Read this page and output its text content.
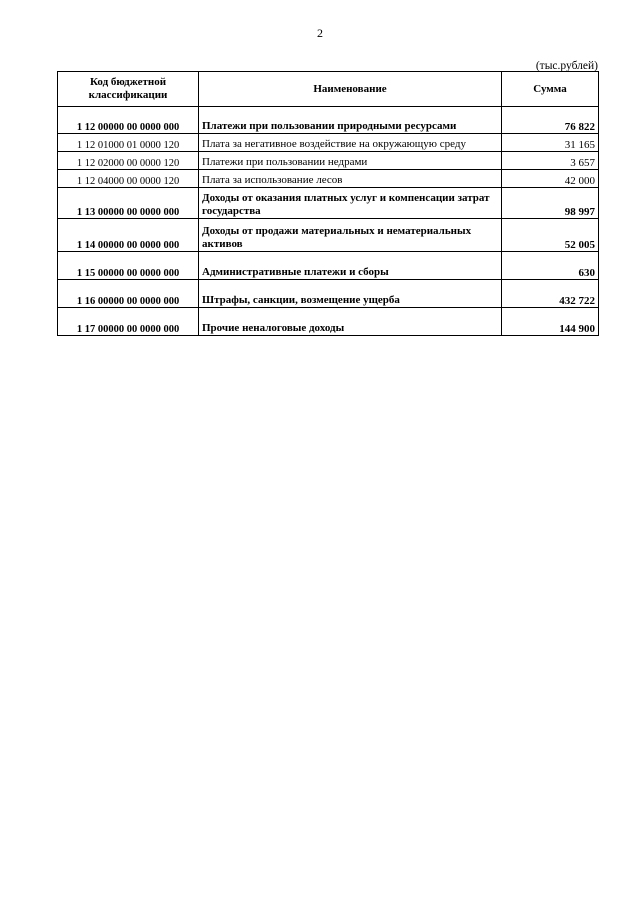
2
(тыс.рублей)
Код бюджетной классификации	Наименование	Сумма

1 12 00000 00 0000 000	Платежи при пользовании природными ресурсами	76 822
1 12 01000 01 0000 120	Плата за негативное воздействие на окружающую среду	31 165
1 12 02000 00 0000 120	Платежи при пользовании недрами	3 657
1 12 04000 00 0000 120	Плата за использование лесов	42 000
1 13 00000 00 0000 000	Доходы от оказания платных услуг и компенсации затрат государства	98 997
1 14 00000 00 0000 000	Доходы от продажи материальных и нематериальных активов	52 005
1 15 00000 00 0000 000	Административные платежи и сборы	630
1 16 00000 00 0000 000	Штрафы, санкции, возмещение ущерба	432 722
1 17 00000 00 0000 000	Прочие неналоговые доходы	144 900
